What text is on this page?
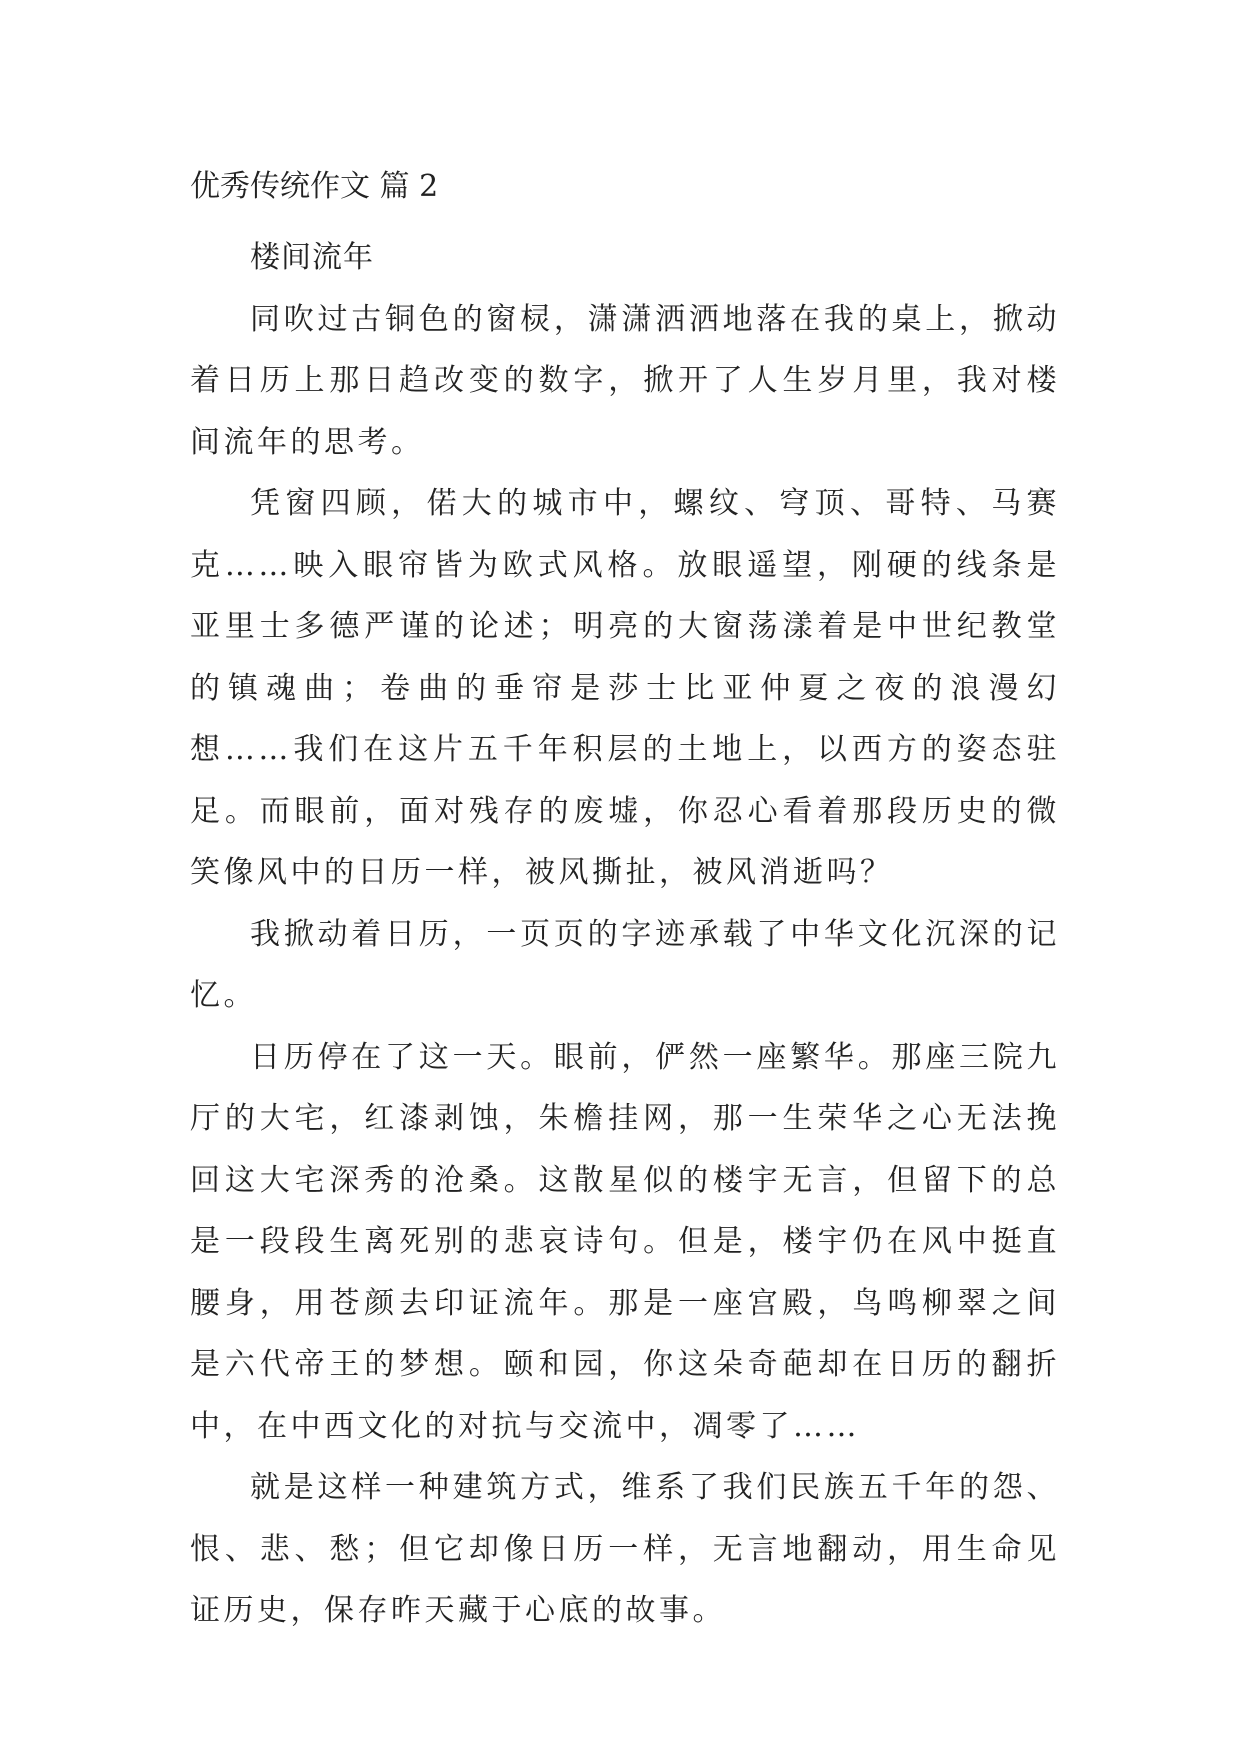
优秀传统作文 篇 2

楼间流年

同吹过古铜色的窗棂，潇潇洒洒地落在我的桌上，掀动着日历上那日趋改变的数字，掀开了人生岁月里，我对楼间流年的思考。

凭窗四顾，偌大的城市中，螺纹、穹顶、哥特、马赛克……映入眼帘皆为欧式风格。放眼遥望，刚硬的线条是亚里士多德严谨的论述；明亮的大窗荡漾着是中世纪教堂的镇魂曲；卷曲的垂帘是莎士比亚仲夏之夜的浪漫幻想……我们在这片五千年积层的土地上，以西方的姿态驻足。而眼前，面对残存的废墟，你忍心看着那段历史的微笑像风中的日历一样，被风撕扯，被风消逝吗？

我掀动着日历，一页页的字迹承载了中华文化沉深的记忆。

日历停在了这一天。眼前，俨然一座繁华。那座三院九厅的大宅，红漆剥蚀，朱檐挂网，那一生荣华之心无法挽回这大宅深秀的沧桑。这散星似的楼宇无言，但留下的总是一段段生离死别的悲哀诗句。但是，楼宇仍在风中挺直腰身，用苍颜去印证流年。那是一座宫殿，鸟鸣柳翠之间是六代帝王的梦想。颐和园，你这朵奇葩却在日历的翻折中，在中西文化的对抗与交流中，凋零了……

就是这样一种建筑方式，维系了我们民族五千年的怨、恨、悲、愁；但它却像日历一样，无言地翻动，用生命见证历史，保存昨天藏于心底的故事。
